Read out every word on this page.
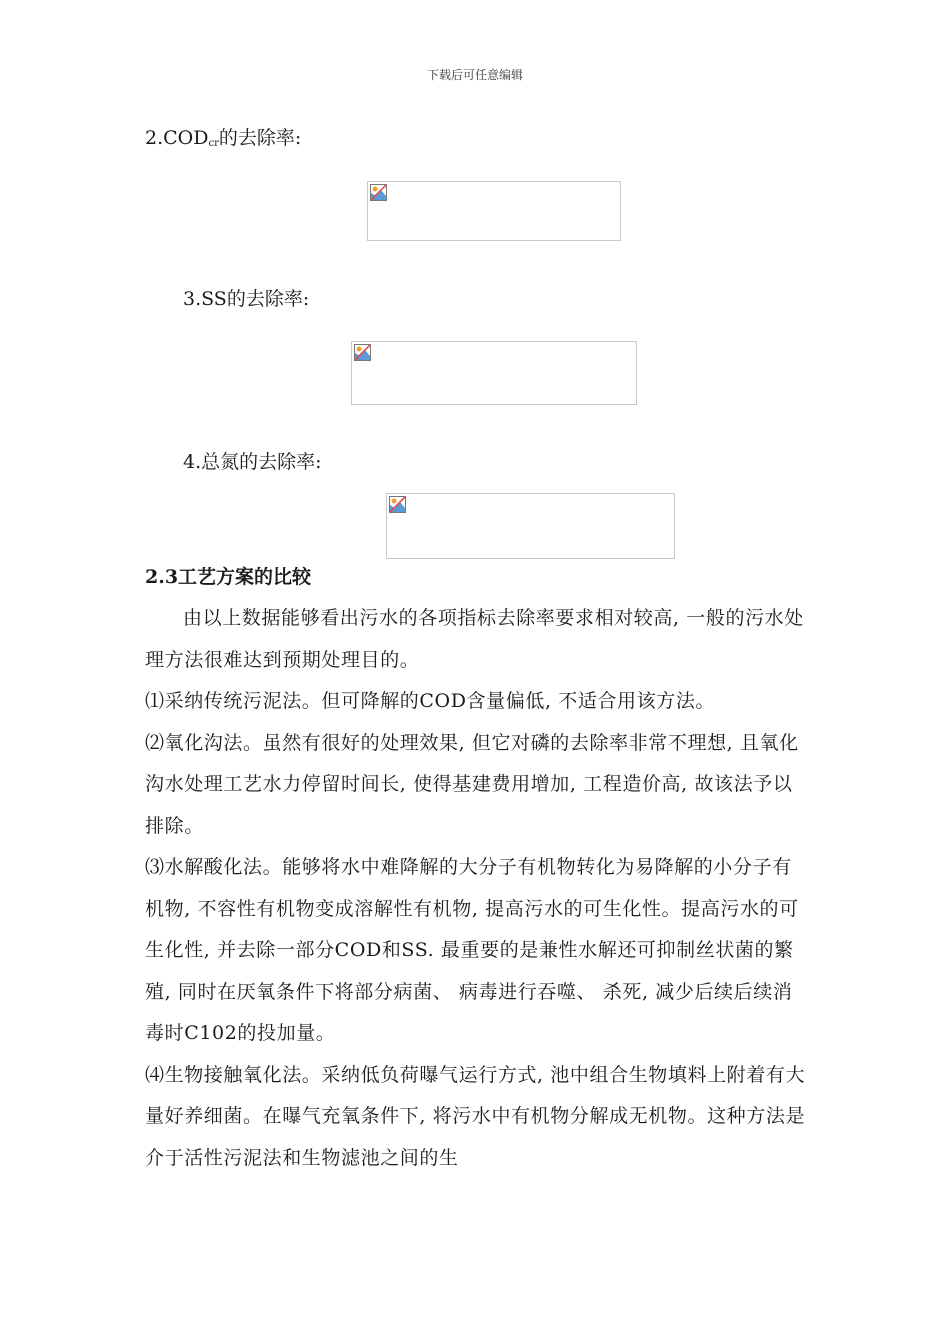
下载后可任意编辑
$2.COD_{cr}$的去除率:
3.SS的去除率:
4.总氮的去除率:
2.3工艺方案的比较

由以上数据能够看出污水的各项指标去除率要求相对较高, 一般的污水处理方法很难达到预期处理目的。

⑴采纳传统污泥法。但可降解的COD含量偏低, 不适合用该方法。

⑵氧化沟法。虽然有很好的处理效果, 但它对磷的去除率非常不理想, 且氧化沟水处理工艺水力停留时间长, 使得基建费用增加, 工程造价高, 故该法予以排除。

⑶水解酸化法。能够将水中难降解的大分子有机物转化为易降解的小分子有机物, 不容性有机物变成溶解性有机物, 提高污水的可生化性。提高污水的可生化性, 并去除一部分COD和SS. 最重要的是兼性水解还可抑制丝状菌的繁殖, 同时在厌氧条件下将部分病菌、 病毒进行吞噬、 杀死, 减少后续后续消毒时C102的投加量。

⑷生物接触氧化法。采纳低负荷曝气运行方式, 池中组合生物填料上附着有大量好养细菌。在曝气充氧条件下, 将污水中有机物分解成无机物。这种方法是介于活性污泥法和生物滤池之间的生
